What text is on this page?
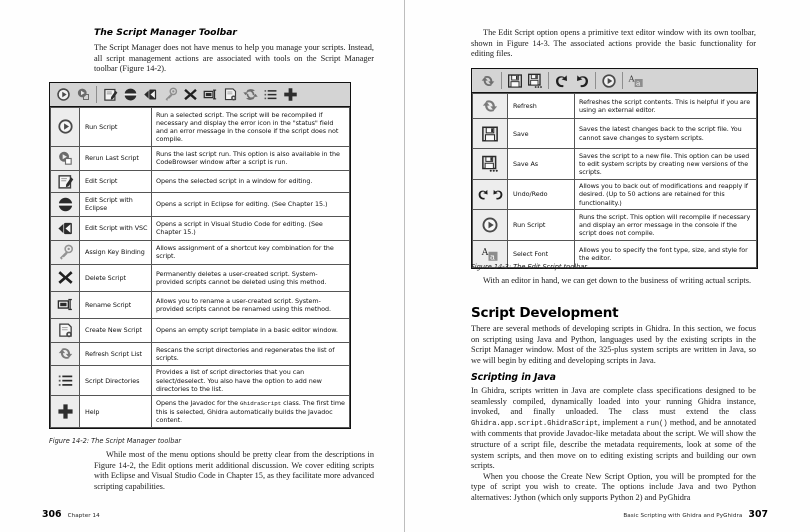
The Script Manager Toolbar

The Script Manager does not have menus to help you manage your scripts. Instead, all script management actions are associated with tools on the Script Manager toolbar (Figure 14-2).

	Run Script	Run a selected script. The script will be recompiled if necessary and display the error icon in the "status" field and an error message in the console if the script does not compile.

	Rerun Last Script	Runs the last script run. This option is also available in the CodeBrowser window after a script is run.

	Edit Script	Opens the selected script in a window for editing.

	Edit Script with Eclipse	Opens a script in Eclipse for editing. (See Chapter 15.)

	Edit Script with VSC	Opens a script in Visual Studio Code for editing. (See Chapter 15.)

	Assign Key Binding	Allows assignment of a shortcut key combination for the script.

	Delete Script	Permanently deletes a user-created script. System-provided scripts cannot be deleted using this method.

	Rename Script	Allows you to rename a user-created script. System-provided scripts cannot be renamed using this method.

	Create New Script	Opens an empty script template in a basic editor window.

	Refresh Script List	Rescans the script directories and regenerates the list of scripts.

	Script Directories	Provides a list of script directories that you can select/deselect. You also have the option to add new directories to the list.

	Help	Opens the Javadoc for the GhidraScript class. The first time this is selected, Ghidra automatically builds the Javadoc content.
Figure 14-2: The Script Manager toolbar

While most of the menu options should be pretty clear from the descriptions in Figure 14-2, the Edit options merit additional discussion. We cover editing scripts with Eclipse and Visual Studio Code in Chapter 15, as they facilitate more advanced scripting capabilities.

306 Chapter 14

The Edit Script option opens a primitive text editor window with its own toolbar, shown in Figure 14-3. The associated actions provide the basic functionality for editing files.

A a
	Refresh	Refreshes the script contents. This is helpful if you are using an external editor.

	Save	Saves the latest changes back to the script file. You cannot save changes to system scripts.

	Save As	Saves the script to a new file. This option can be used to edit system scripts by creating new versions of the scripts.

	Undo/Redo	Allows you to back out of modifications and reapply if desired. (Up to 50 actions are retained for this functionality.)

	Run Script	Runs the script. This option will recompile if necessary and display an error message in the console if the script does not compile.

A a	Select Font	Allows you to specify the font type, size, and style for the editor.
Figure 14-3: The Edit Script toolbar

With an editor in hand, we can get down to the business of writing actual scripts.

Script Development

There are several methods of developing scripts in Ghidra. In this section, we focus on scripting using Java and Python, languages used by the existing scripts in the Script Manager window. Most of the 325-plus system scripts are written in Java, so we will begin by editing and developing scripts in Java.

Scripting in Java

In Ghidra, scripts written in Java are complete class specifications designed to be seamlessly compiled, dynamically loaded into your running Ghidra instance, invoked, and finally unloaded. The class must extend the class Ghidra.app.script.GhidraScript, implement a run() method, and be annotated with comments that provide Javadoc-like metadata about the script. We will show the structure of a script file, describe the metadata requirements, look at some of the system scripts, and then move on to editing existing scripts and building our own scripts.

When you choose the Create New Script Option, you will be prompted for the type of script you wish to create. The options include Java and two Python alternatives: Jython (which only supports Python 2) and PyGhidra

307
Basic Scripting with Ghidra and PyGhidra
